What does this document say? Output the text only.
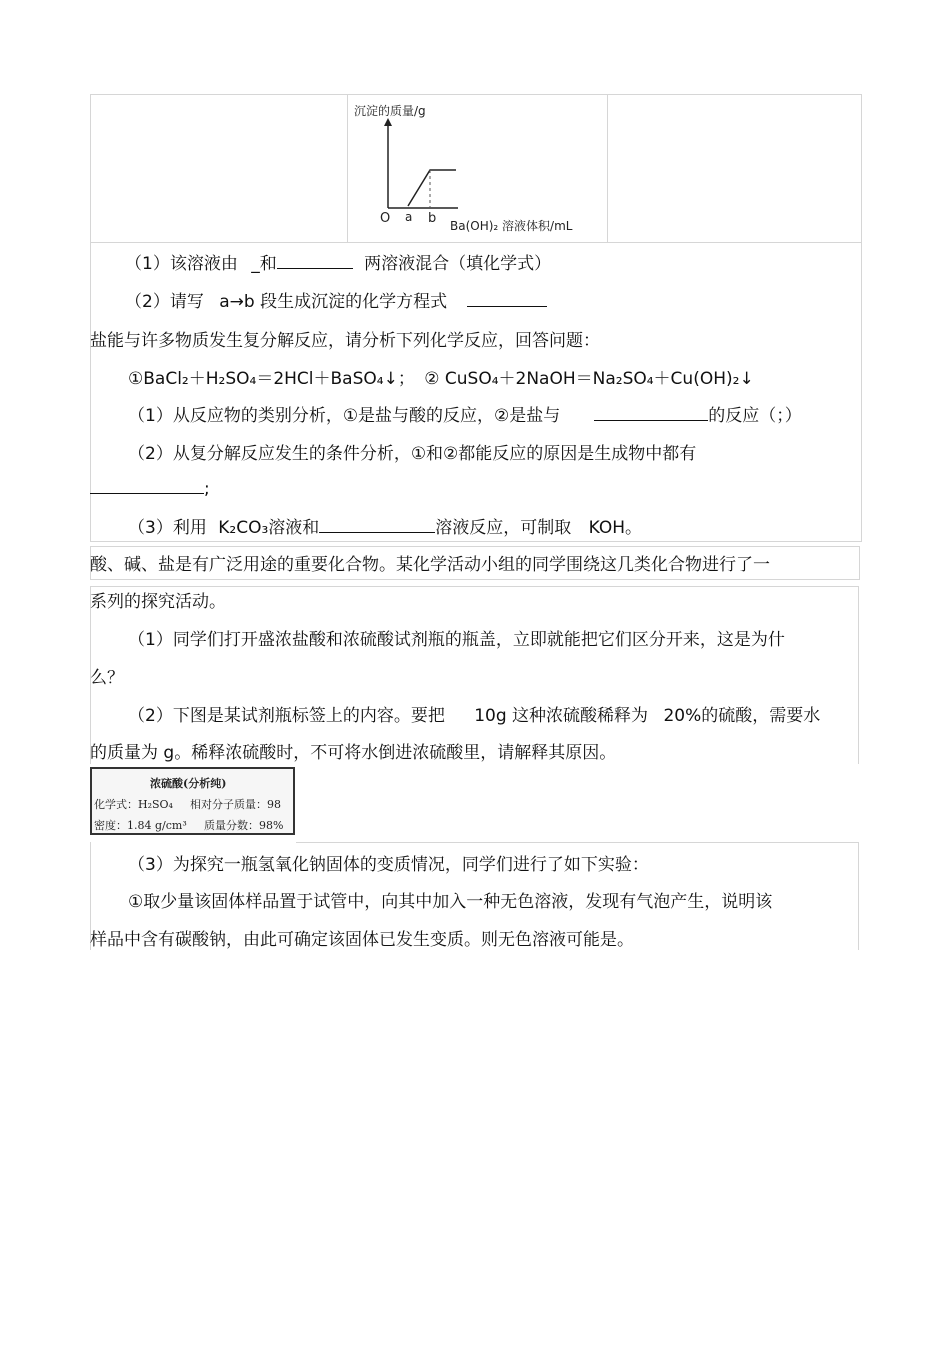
沉淀的质量/g
O a b Ba(OH)₂ 溶液体积/mL
（1）该溶液由 _和	两溶液混合（填化学式）
（2）请写 a→b 段生成沉淀的化学方程式
盐能与许多物质发生复分解反应，请分析下列化学反应，回答问题：
①BaCl₂＋H₂SO₄＝2HCl＋BaSO₄↓； ② CuSO₄＋2NaOH＝Na₂SO₄＋Cu(OH)₂↓
（1）从反应物的类别分析，①是盐与酸的反应，②是盐与	的反应（；）
（2）从复分解反应发生的条件分析，①和②都能反应的原因是生成物中都有
;
（3）利用 K₂CO₃溶液和	溶液反应，可制取 KOH。
酸、碱、盐是有广泛用途的重要化合物。某化学活动小组的同学围绕这几类化合物进行了一
系列的探究活动。
（1）同学们打开盛浓盐酸和浓硫酸试剂瓶的瓶盖，立即就能把它们区分开来，这是为什
么？
（2）下图是某试剂瓶标签上的内容。要把 10g 这种浓硫酸稀释为 20%的硫酸，需要水
的质量为 g。稀释浓硫酸时，不可将水倒进浓硫酸里，请解释其原因。
浓硫酸(分析纯)
化学式：H₂SO₄ 相对分子质量：98
密度：1.84 g/cm³ 质量分数：98%
（3）为探究一瓶氢氧化钠固体的变质情况，同学们进行了如下实验：
①取少量该固体样品置于试管中，向其中加入一种无色溶液，发现有气泡产生，说明该
样品中含有碳酸钠，由此可确定该固体已发生变质。则无色溶液可能是。
